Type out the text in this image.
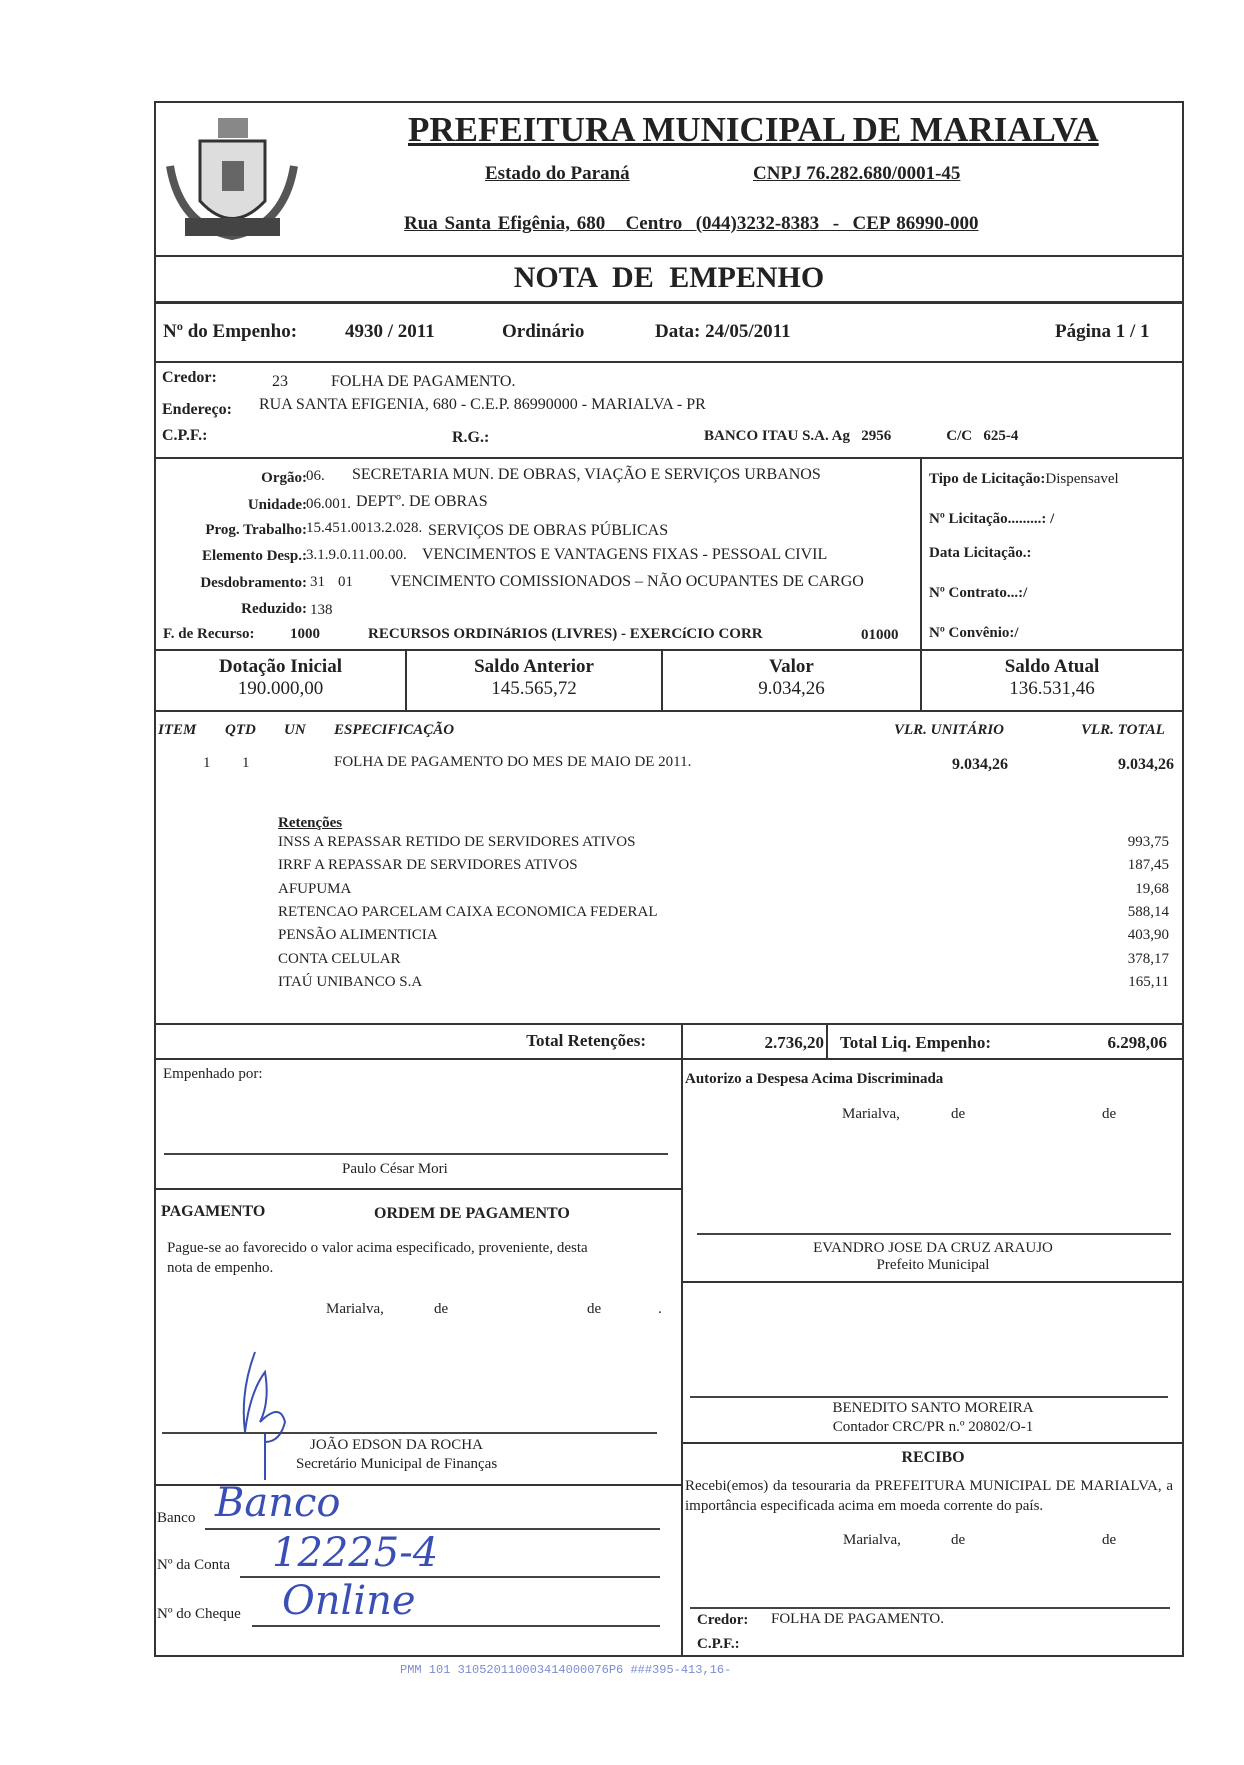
PREFEITURA MUNICIPAL DE MARIALVA
Estado do Paraná	CNPJ 76.282.680/0001-45
Rua Santa Efigênia, 680 Centro (044)3232-8383  -  CEP 86990-000
NOTA DE EMPENHO
Nº do Empenho:	4930 / 2011	Ordinário	Data: 24/05/2011	Página 1 / 1
Credor:	23	FOLHA DE PAGAMENTO.
Endereço: RUA SANTA EFIGENIA, 680 - C.E.P. 86990000 - MARIALVA - PR
C.P.F.:	R.G.:	BANCO ITAU S.A. Ag 2956	C/C 625-4
Orgão: 06. SECRETARIA MUN. DE OBRAS, VIAÇÃO E SERVIÇOS URBANOS
Unidade: 06.001. DEPTº. DE OBRAS
Prog. Trabalho: 15.451.0013.2.028. SERVIÇOS DE OBRAS PÚBLICAS
Elemento Desp.: 3.1.9.0.11.00.00. VENCIMENTOS E VANTAGENS FIXAS - PESSOAL CIVIL
Desdobramento: 31 01 VENCIMENTO COMISSIONADOS – NÃO OCUPANTES DE CARGO
Reduzido: 138
F. de Recurso: 1000	RECURSOS ORDINáRIOS (LIVRES) - EXERCíCIO CORR	01000
Tipo de Licitação:Dispensavel
Nº Licitação.........: /
Data Licitação.:
Nº Contrato...:/
Nº Convênio:/
Dotação Inicial
190.000,00
Saldo Anterior
145.565,72
Valor
9.034,26
Saldo Atual
136.531,46
ITEM QTD UN ESPECIFICAÇÃO	VLR. UNITÁRIO	VLR. TOTAL
1 1	FOLHA DE PAGAMENTO DO MES DE MAIO DE 2011.	9.034,26	9.034,26
Retenções
INSS A REPASSAR RETIDO DE SERVIDORES ATIVOS	993,75
IRRF A REPASSAR DE SERVIDORES ATIVOS	187,45
AFUPUMA	19,68
RETENCAO PARCELAM CAIXA ECONOMICA FEDERAL	588,14
PENSÃO ALIMENTICIA	403,90
CONTA CELULAR	378,17
ITAÚ UNIBANCO S.A	165,11
Total Retenções:	2.736,20 Total Liq. Empenho:	6.298,06
Empenhado por:
Paulo César Mori
PAGAMENTO	ORDEM DE PAGAMENTO
Pague-se ao favorecido o valor acima especificado, proveniente, desta
nota de empenho.
Marialva,	de	de	.
JOÃO EDSON DA ROCHA
Secretário Municipal de Finanças
Banco Banco
Nº da Conta 12225-4
Nº do Cheque Online
Autorizo a Despesa Acima Discriminada
Marialva,	de	de
EVANDRO JOSE DA CRUZ ARAUJO
Prefeito Municipal
BENEDITO SANTO MOREIRA
Contador CRC/PR n.º 20802/O-1
RECIBO
Recebi(emos) da tesouraria da PREFEITURA MUNICIPAL DE MARIALVA, a importância especificada acima em moeda corrente do país.
Marialva,	de	de
Credor: FOLHA DE PAGAMENTO.
C.P.F.:
PMM 101 310520110003414000076P6 ###395-413,16-
